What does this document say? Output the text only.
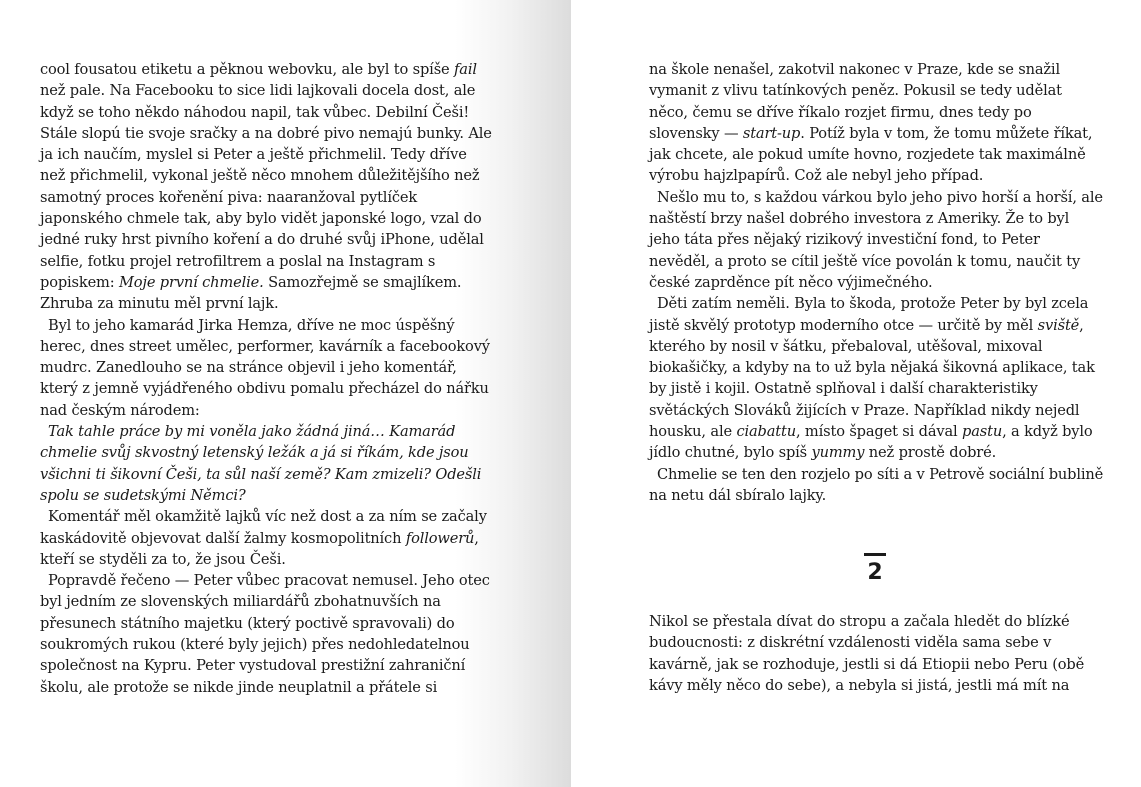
cool fousatou etiketu a pěknou webovku, ale byl to spíše fail než pale. Na Facebooku to sice lidi lajkovali docela dost, ale když se toho někdo náhodou napil, tak vůbec. Debilní Češi! Stále slopú tie svoje sračky a na dobré pivo nemajú bunky. Ale ja ich naučím, myslel si Peter a ještě přichmelil. Tedy dříve než přichmelil, vykonal ještě něco mnohem důležitějšího než samotný proces kořenění piva: naaranžoval pytlíček japonského chmele tak, aby bylo vidět japonské logo, vzal do jedné ruky hrst pivního koření a do druhé svůj iPhone, udělal selfie, fotku projel retrofiltrem a poslal na Instagram s popiskem: Moje první chmelie. Samozřejmě se smajlíkem. Zhruba za minutu měl první lajk.

Byl to jeho kamarád Jirka Hemza, dříve ne moc úspěšný herec, dnes street umělec, performer, kavárník a facebookový mudrc. Zanedlouho se na stránce objevil i jeho komentář, který z jemně vyjádřeného obdivu pomalu přecházel do nářku nad českým národem:

Tak tahle práce by mi voněla jako žádná jiná… Kamarád chmelie svůj skvostný letenský ležák a já si říkám, kde jsou všichni ti šikovní Češi, ta sůl naší země? Kam zmizeli? Odešli spolu se sudetskými Němci?

Komentář měl okamžitě lajků víc než dost a za ním se začaly kaskádovitě objevovat další žalmy kosmopolitních followerů, kteří se styděli za to, že jsou Češi.

Popravdě řečeno — Peter vůbec pracovat nemusel. Jeho otec byl jedním ze slovenských miliardářů zbohatnuvších na přesunech státního majetku (který poctivě spravovali) do soukromých rukou (které byly jejich) přes nedohledatelnou společnost na Kypru. Peter vystudoval prestižní zahraniční školu, ale protože se nikde jinde neuplatnil a přátele si

na škole nenašel, zakotvil nakonec v Praze, kde se snažil vymanit z vlivu tatínkových peněz. Pokusil se tedy udělat něco, čemu se dříve říkalo rozjet firmu, dnes tedy po slovensky — start-up. Potíž byla v tom, že tomu můžete říkat, jak chcete, ale pokud umíte hovno, rozjedete tak maximálně výrobu hajzlpapírů. Což ale nebyl jeho případ.

Nešlo mu to, s každou várkou bylo jeho pivo horší a horší, ale naštěstí brzy našel dobrého investora z Ameriky. Že to byl jeho táta přes nějaký rizikový investiční fond, to Peter nevěděl, a proto se cítil ještě více povolán k tomu, naučit ty české zaprděnce pít něco výjimečného.

Děti zatím neměli. Byla to škoda, protože Peter by byl zcela jistě skvělý prototyp moderního otce — určitě by měl sviště, kterého by nosil v šátku, přebaloval, utěšoval, mixoval biokašičky, a kdyby na to už byla nějaká šikovná aplikace, tak by jistě i kojil. Ostatně splňoval i další charakteristiky světáckých Slováků žijících v Praze. Například nikdy nejedl housku, ale ciabattu, místo špaget si dával pastu, a když bylo jídlo chutné, bylo spíš yummy než prostě dobré.

Chmelie se ten den rozjelo po síti a v Petrově sociální bublině na netu dál sbíralo lajky.

2

Nikol se přestala dívat do stropu a začala hledět do blízké budoucnosti: z diskrétní vzdálenosti viděla sama sebe v kavárně, jak se rozhoduje, jestli si dá Etiopii nebo Peru (obě kávy měly něco do sebe), a nebyla si jistá, jestli má mít na
